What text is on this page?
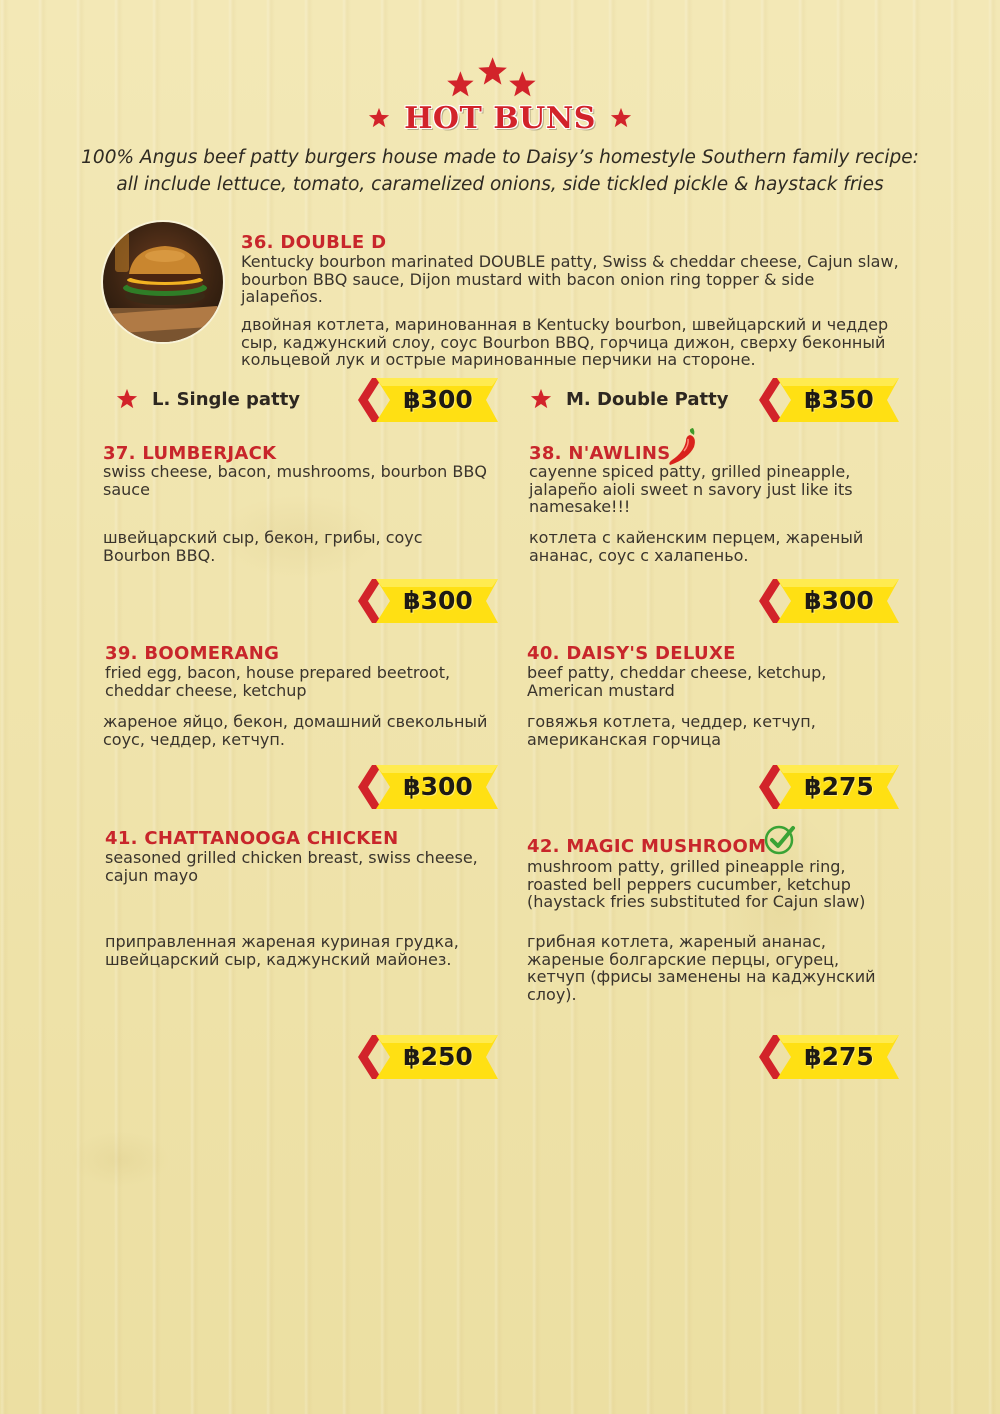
HOT BUNS
100% Angus beef patty burgers house made to Daisy’s homestyle Southern family recipe:
all include lettuce, tomato, caramelized onions, side tickled pickle & haystack fries
36. DOUBLE D
Kentucky bourbon marinated DOUBLE patty, Swiss & cheddar cheese, Cajun slaw, bourbon BBQ sauce, Dijon mustard with bacon onion ring topper & side jalapeños.
двойная котлета, маринованная в Kentucky bourbon, швейцарский и чеддер сыр, каджунский слоу, соус Bourbon BBQ, горчица дижон, сверху беконный кольцевой лук и острые маринованные перчики на стороне.
L. Single patty	฿300	M. Double Patty	฿350
37. LUMBERJACK
swiss cheese, bacon, mushrooms, bourbon BBQ sauce
швейцарский сыр, бекон, грибы, соус Bourbon BBQ.
฿300
38. N'AWLINS
cayenne spiced patty, grilled pineapple, jalapeño aioli sweet n savory just like its namesake!!!
котлета с кайенским перцем, жареный ананас, соус с халапеньо.
฿300
39. BOOMERANG
fried egg, bacon, house prepared beetroot, cheddar cheese, ketchup
жареное яйцо, бекон, домашний свекольный соус, чеддер, кетчуп.
฿300
40. DAISY'S DELUXE
beef patty, cheddar cheese, ketchup, American mustard
говяжья котлета, чеддер, кетчуп, американская горчица
฿275
41. CHATTANOOGA CHICKEN
seasoned grilled chicken breast, swiss cheese, cajun mayo
приправленная жареная куриная грудка, швейцарский сыр, каджунский майонез.
฿250
42. MAGIC MUSHROOM
mushroom patty, grilled pineapple ring, roasted bell peppers cucumber, ketchup (haystack fries substituted for Cajun slaw)
грибная котлета, жареный ананас, жареные болгарские перцы, огурец, кетчуп (фрисы заменены на каджунский слоу).
฿275
